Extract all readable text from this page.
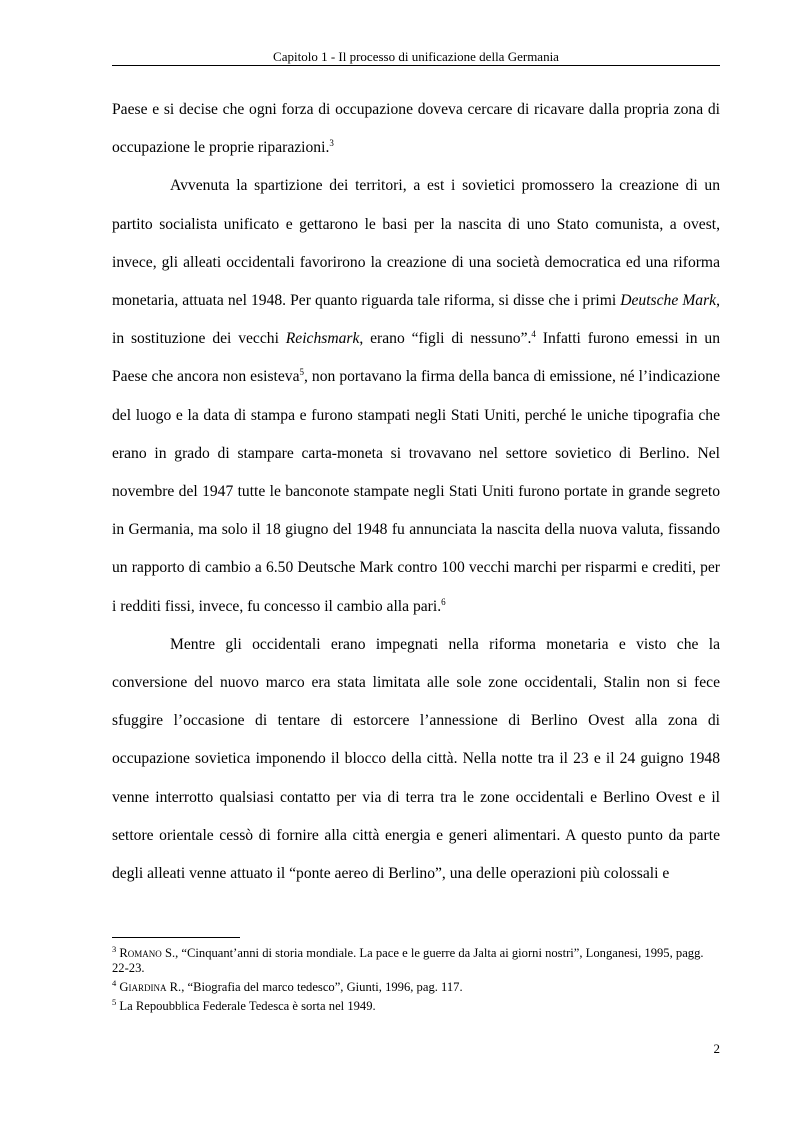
Capitolo 1 - Il processo di unificazione della Germania

Paese e si decise che ogni forza di occupazione doveva cercare di ricavare dalla propria zona di occupazione le proprie riparazioni.$^3$

Avvenuta la spartizione dei territori, a est i sovietici promossero la creazione di un partito socialista unificato e gettarono le basi per la nascita di uno Stato comunista, a ovest, invece, gli alleati occidentali favorirono la creazione di una società democratica ed una riforma monetaria, attuata nel 1948. Per quanto riguarda tale riforma, si disse che i primi Deutsche Mark, in sostituzione dei vecchi Reichsmark, erano “figli di nessuno”.$^4$ Infatti furono emessi in un Paese che ancora non esisteva$^5$, non portavano la firma della banca di emissione, né l’indicazione del luogo e la data di stampa e furono stampati negli Stati Uniti, perché le uniche tipografia che erano in grado di stampare carta-moneta si trovavano nel settore sovietico di Berlino. Nel novembre del 1947 tutte le banconote stampate negli Stati Uniti furono portate in grande segreto in Germania, ma solo il 18 giugno del 1948 fu annunciata la nascita della nuova valuta, fissando un rapporto di cambio a 6.50 Deutsche Mark contro 100 vecchi marchi per risparmi e crediti, per i redditi fissi, invece, fu concesso il cambio alla pari.$^6$

Mentre gli occidentali erano impegnati nella riforma monetaria e visto che la conversione del nuovo marco era stata limitata alle sole zone occidentali, Stalin non si fece sfuggire l’occasione di tentare di estorcere l’annessione di Berlino Ovest alla zona di occupazione sovietica imponendo il blocco della città. Nella notte tra il 23 e il 24 guigno 1948 venne interrotto qualsiasi contatto per via di terra tra le zone occidentali e Berlino Ovest e il settore orientale cessò di fornire alla città energia e generi alimentari. A questo punto da parte degli alleati venne attuato il “ponte aereo di Berlino”, una delle operazioni più colossali e

$^3$ Romano S., “Cinquant’anni di storia mondiale. La pace e le guerre da Jalta ai giorni nostri”, Longanesi, 1995, pagg. 22-23.

$^4$ Giardina R., “Biografia del marco tedesco”, Giunti, 1996, pag. 117.

$^5$ La Repoubblica Federale Tedesca è sorta nel 1949.

2
